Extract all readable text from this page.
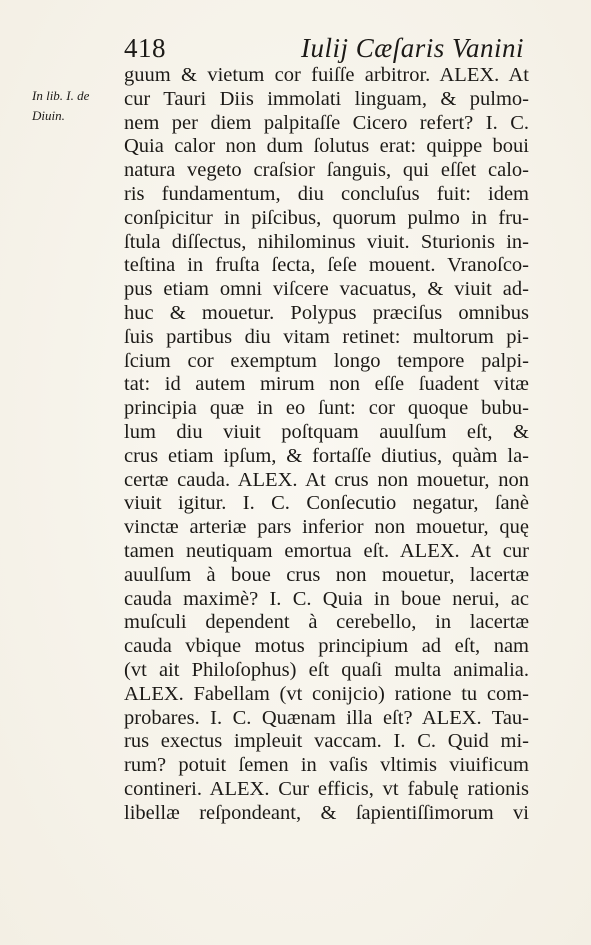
418	Iulij Cæſaris Vanini
In lib. I. de
Diuin.
guum & vietum cor fuiſſe arbitror. ALEX. At
cur Tauri Diis immolati linguam, & pulmo-
nem per diem palpitaſſe Cicero refert? I. C.
Quia calor non dum ſolutus erat: quippe boui
natura vegeto craſsior ſanguis, qui eſſet calo-
ris fundamentum, diu concluſus fuit: idem
conſpicitur in piſcibus, quorum pulmo in fru-
ſtula diſſectus, nihilominus viuit. Sturionis in-
teſtina in fruſta ſecta, ſeſe mouent. Vranoſco-
pus etiam omni viſcere vacuatus, & viuit ad-
huc & mouetur. Polypus præciſus omnibus
ſuis partibus diu vitam retinet: multorum pi-
ſcium cor exemptum longo tempore palpi-
tat: id autem mirum non eſſe ſuadent vitæ
principia quæ in eo ſunt: cor quoque bubu-
lum diu viuit poſtquam auulſum eſt, &
crus etiam ipſum, & fortaſſe diutius, quàm la-
certæ cauda. ALEX. At crus non mouetur, non
viuit igitur. I. C. Conſecutio negatur, ſanè
vinctæ arteriæ pars inferior non mouetur, quę
tamen neutiquam emortua eſt. ALEX. At cur
auulſum à boue crus non mouetur, lacertæ
cauda maximè? I. C. Quia in boue nerui, ac
muſculi dependent à cerebello, in lacertæ
cauda vbique motus principium ad eſt, nam
(vt ait Philoſophus) eſt quaſi multa animalia.
ALEX. Fabellam (vt conijcio) ratione tu com-
probares. I. C. Quænam illa eſt? ALEX. Tau-
rus exectus impleuit vaccam. I. C. Quid mi-
rum? potuit ſemen in vaſis vltimis viuificum
contineri. ALEX. Cur efficis, vt fabulę rationis
libellæ reſpondeant, & ſapientiſſimorum vi
